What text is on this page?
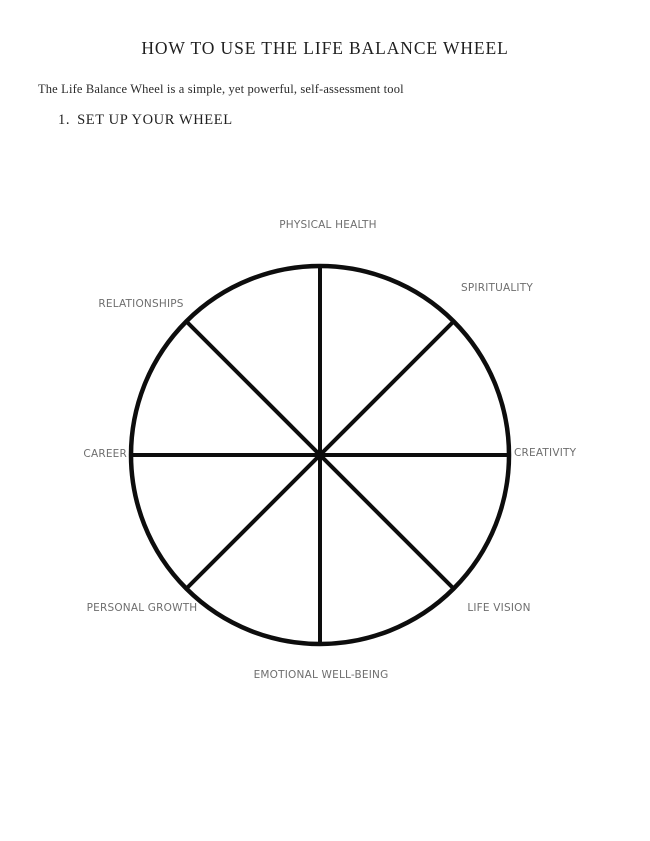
HOW TO USE THE LIFE BALANCE WHEEL

The Life Balance Wheel is a simple, yet powerful, self-assessment tool

1. SET UP YOUR WHEEL
PHYSICAL HEALTH
SPIRITUALITY
CREATIVITY
LIFE VISION
EMOTIONAL WELL-BEING
PERSONAL GROWTH
CAREER
RELATIONSHIPS
